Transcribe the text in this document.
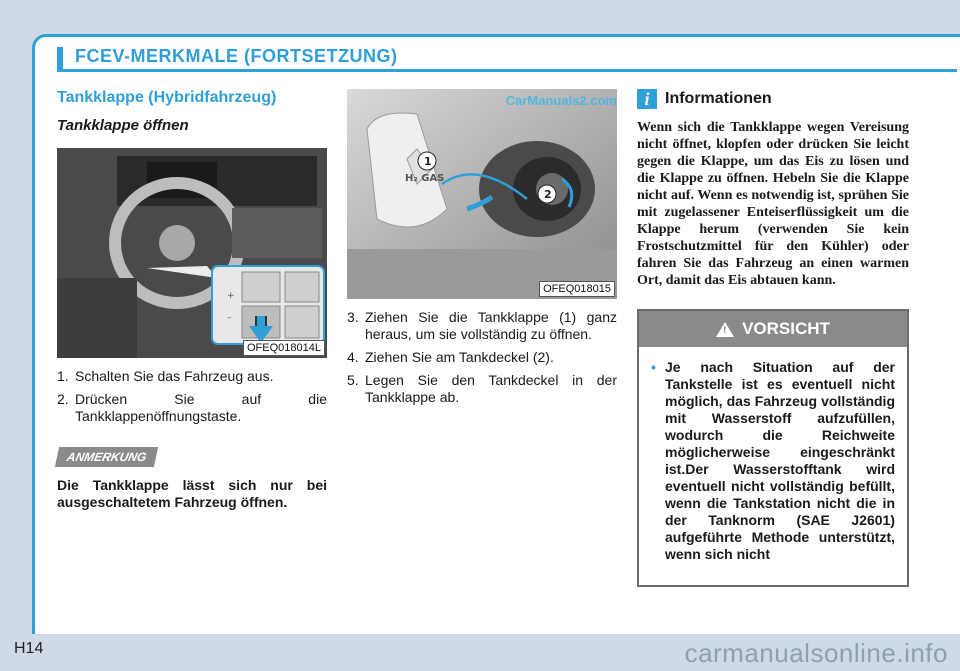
FCEV-MERKMALE (FORTSETZUNG)
Tankklappe (Hybridfahrzeug)
Tankklappe öffnen
+
–
OFEQ018014L
1. Schalten Sie das Fahrzeug aus.
2. Drücken Sie auf die Tankklappenöffnungstaste.
ANMERKUNG
Die Tankklappe lässt sich nur bei ausgeschaltetem Fahrzeug öffnen.
H₂ GAS
1
2
CarManuals2.com
OFEQ018015
3. Ziehen Sie die Tankklappe (1) ganz heraus, um sie vollständig zu öffnen.
4. Ziehen Sie am Tankdeckel (2).
5. Legen Sie den Tankdeckel in der Tankklappe ab.
i Informationen
Wenn sich die Tankklappe wegen Vereisung nicht öffnet, klopfen oder drücken Sie leicht gegen die Klappe, um das Eis zu lösen und die Klappe zu öffnen. Hebeln Sie die Klappe nicht auf. Wenn es notwendig ist, sprühen Sie mit zugelassener Enteiserflüssigkeit um die Klappe herum (verwenden Sie kein Frostschutzmittel für den Kühler) oder fahren Sie das Fahrzeug an einen warmen Ort, damit das Eis abtauen kann.
! VORSICHT
• Je nach Situation auf der Tankstelle ist es eventuell nicht möglich, das Fahrzeug vollständig mit Wasserstoff aufzufüllen, wodurch die Reichweite möglicherweise eingeschränkt ist.Der Wasserstofftank wird eventuell nicht vollständig befüllt, wenn die Tankstation nicht die in der Tanknorm (SAE J2601) aufgeführte Methode unterstützt, wenn sich nicht
H14	carmanualsonline.info
